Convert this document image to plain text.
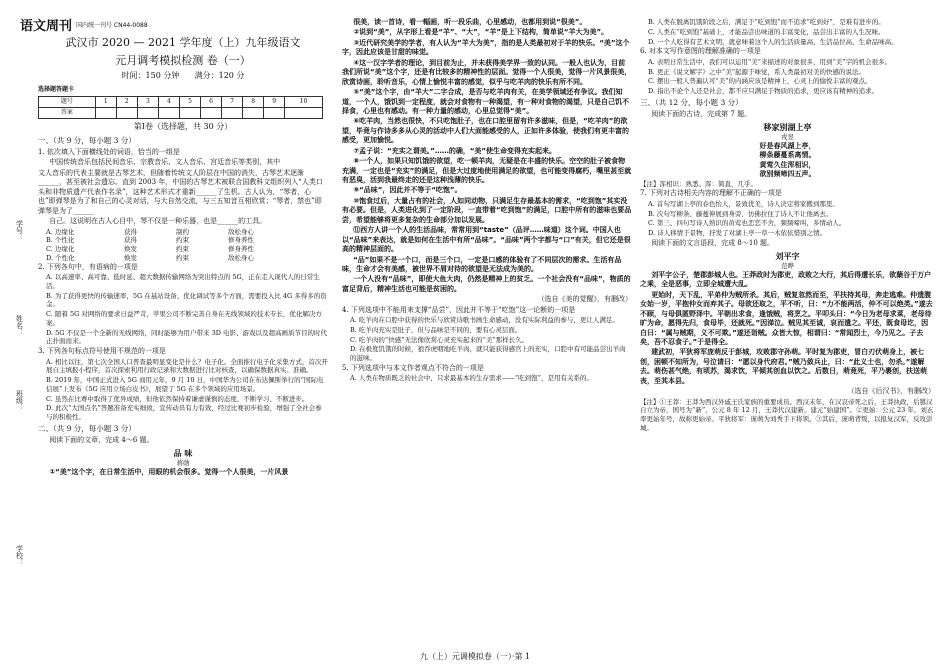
语文周刊 国内统一刊号 CN44-0088
学号：
姓名：
班级：
学校：
武汉市 2020 — 2021 学年度（上）九年级语文
元月调考模拟检测 卷（一）
时间：150 分钟 满分：120 分
选择题答题卡
题号	1	2	3	4	5	6	7	8	9	10
答案										
第Ⅰ卷（选择题，共 30 分）

一、（共 9 分，每小题 3 分）

1. 依次填入下面横线处的词语，恰当的一组是

中国传统音乐包括民间音乐、宗教音乐、文人音乐、宫廷音乐等类别，其中

文人音乐的代表主要就是古琴艺术，但随着传统文人阶层在中国的消失，古琴艺术逐渐______，甚至被社会遗忘。直到 2003 年，中国的古琴艺术被联合国教科文组织列入“人类口头和非物质遗产代表作名录”，这种艺术形式才重新______了生机。古人认为，“琴者，心也”即弹琴是为了和自己的心灵对话，与大自然交流，与三五知音互相欣赏；“琴者，禁也”即弹琴是为了______

自己。这说明在古人心目中，琴不仅是一种乐器，也是______的工具。

A. 边缘化	获得	制约	敌松身心
B. 个性化	获得	约束	修身养性
C. 边缘化	焕发	约束	修身养性
D. 个性化	焕发	约束	敌松身心

2. 下列各句中，有语病的一项是

A. 以高速率、高可靠、低时延、超大数据传输网络为突出特点的 5G，正在走入现代人的日常生活。

B. 为了获得更快的传输速率，5G 在基站设备、优化调试等多个方面，需要投入比 4G 多得多的资金。

C. 随着 5G 对网络的要求日益严苛，苹果公司不断完善自身在无线领域的技术专长，优化解决方案。

D. 5G 不仅是一个全新的无线网络，同时能够为用户带来 3D 电影、游戏以及超高画质节目的时代正扑面而来。

3. 下列各句标点符号使用不规范的一项是

A. 相比以往，第七次全国人口普查最明显变化是什么？电子化。全面推行电子化采集方式，首次开展自主填报小程序，首次探索利用行政记录和大数据进行比对核查，以确保数据真实、准确。

B. 2019 年，中国正式进入 5G 商用元年，9 月 10 日，中国华为公司在布达佩斯举行的“国际电信展”上发布《5G 应用立场白皮书》，展望了 5G 在多个领域的应用场景。

C. 虽然在比赛中取得了优异成绩，但他依然保持着谦虚谨慎的态度，不断学习、不断进步。

D. 此次“大国点名”答题准备充实细致，宣传动员有力有效，经过比赛初步检验，增强了全社会参与的积极性。

二、（共 9 分，每小题 3 分）

阅读下面的文章，完成 4～6 题。

品 味
蒋勋

①“美”这个字，在日常生活中，用眼的机会很多。觉得一个人很美，一片风景

很美，读一首诗，看一幅画，听一段乐曲，心里感动，也都用到说“很美”。

②说到“美”，从字形上看是“羊”、“大”，“羊”是上下结构，简单说“羊大为美”。

③近代研究美学的学者，有人认为“羊大为美”，指的是人类最初对于羊的快乐。“美”这个字，因此应该是甘甜的味觉。

④这一汉字学者的理论，到目前为止，并未获得美学界一致的认同。一般人也认为，目前我们所说“美”这个字，还是有比较多的精神性的层面。觉得一个人很美，觉得一片风景很美，欣赏诗画，聆听音乐，心情上愉悦丰富的感觉，似乎与吃羊肉的快乐有所不同。

⑤“美”这个字，由“羊大”二字合成，是否与吃羊肉有关，在美学领域还有争议。我们知道，一个人，饿饥到一定程度，就会对食物有一种渴望，有一种对食物的渴望，只是自己饥不择食，心里也有感动。有一种力量的感动，心里总觉得“美”。

⑥吃羊肉，当然也很快，不只吃饱肚子，也在口腔里留有许多滋味，但是，“吃羊肉”的欲望，毕竟与作诗多多从心灵的活动中人们大面能感受的人，正如许多体验，使我们有更丰富的感受，更加愉悦。

⑦孟子说：“充实之谓美。”……的确，“美”使生命变得充实起来。

⑧一个人，如果只知饥饿的欲望，吃一顿羊肉，无疑是在丰盛的快乐。空空的肚子被食物充满，一定也是“充实”的满足，但是大过度地使用满足的欲望，也可能变得腐朽，嘴里甚至就有恶臭，活到我最终走的还是这种浅薄的快乐。

⑨“品味”，因此并不等于“吃饱”。

⑩饱食过后，大量占有的社会，人如同动物，只满足生存最基本的需求，“吃到饱”其实没有必要。但是，人类进化到了一定阶段，一直带着“吃到饱”的满足，口腔中所有的滋味也要品尝，希望能够将更多复杂的生命部分加以发展。

⑪西方人讲一个人的生活品味，常常用到“taste”（品评……味道）这个词。中国人也以“品味”来表达，就是如何在生活中有所“品味”。“品味”两个字都与“口”有关，但它还是很高的精神层面的。

“品”如果不是一个口，而是三个口，一定是口感的体验有了不同层次的需求。生活有品味，生命才会有美感，被世界不屑对待的欲望是无法成为美的。

一个人没有“品味”，即使大鱼大肉，仍然是精神上的贫乏。一个社会没有“品味”，物质的富足背后，精神生活也可能是贫困的。

（选自《美的觉醒》，有删改）

4. 下列选项中不能用来支撑“品尝”，因此并不等于“吃饱”这一论断的一项是

A. 吃羊肉在口腔中获得的快乐与欣赏诗歌书画生命感动，没有实际利益的参与，更让人满足。

B. 吃羊肉充实是肚子，但与品味是不同的，要有心灵层面。

C. 吃羊肉的“快感”无法像欣赏心灵充实起来的“美”那样长久。

D. 在极度饥饿的时候，狼吞虎咽地吃羊肉，就只能获得感官上的充实，口腔中有可能品尝出羊肉的滋味。

5. 下列选项中与本文作者观点不符合的一项是

A. 人类在物质既乏的社会中，只求最基本的生存需求——“吃到饱”，是用有关系的。

B. 人类在脱离饥饿阶段之后，满足于“吃到饱”而不追求“吃到好”，是难有进步的。

C. 人类在“吃到饱”基础上，才能品尝出味道的丰富变化，品尝出丰富的人生况味。

D. 一个人吃得有艺术文明，就意味着这个人的生活质量高，生活品位高，生命品味高。

6. 对本文写作意图的理解准确的一项是

A. 表明日常生活中，我们可以运用“美”来描述的对象很多，用到“美”字的机会很多。

B. 更正《说文解字》之中“美”起源于味觉，系人类最初对美的快感的说法。

C. 摆出一般人普遍认可“美”的内涵应该是精神上，心灵上的愉悦丰富的观点。

D. 指出不论个人还是社会，都不应只满足于物质的追求，更应该有精神的追求。

三、（共 12 分，每小题 3 分）

阅读下面的古诗，完成第 7 题。

移家别湖上亭
戎昱
好是春风湖上亭，
柳条藤蔓系离情。
黄莺久住浑相识，
欲别频啼四五声。

【注】浑相识：熟悉。浑：简直，几乎。

7. 下列对古诗相关内容的理解不正确的一项是

A. 首句写湖上亭的春色怡人，景致优美，诗人决定将家搬到那里。

B. 次句写柳条、藤蔓伸展到身旁，仿佛拉住了诗人不让他离去。

C. 第三、四句写诗人熟识的黄莺也恋恋不舍，频频啼叫，多情动人。

D. 诗人移情于景物，抒发了对湖上亭一草一木依依惜别之情。

阅读下面的文言语段，完成 8～10 题。

刘平字
范晔

刘平字公子，楚郡彭城人也。王莽政时为郡吏，政败之大行，其后得遭长乐，欲蘖谷于万户之乘，全是恶事，立即全城遭大乱。

更始时，天下乱，平弟仲为贼所杀。其后，贼复忽然而至，平扶持其母，奔走逃难。仲遗腹女始一岁，平抱仲女而弃其子。母欲还取之，平不听，曰：“力不能两活，仲不可以绝类。”遂去不顾，与母俱匿野泽中。平朝出求食，逢饿贼，将烹之。平叩头曰：“今日为老母求菜，老母待旷为命，愿得先归，食母毕，还就死。”因涕泣。贼见其至诚，哀而遣之。平还，既食母讫，因白曰：“属与贼期，义不可欺。”遂还诣贼。众皆大惊，相谓曰：“常闻烈士，今乃见之。子去矣，吾不忍食子。”于是得全。

建武初，平狄将军庞萌反于彭城，攻败郡守孙萌。平时复为郡吏，冒白刃伏萌身上，被七创，困顿不知所为，号泣请曰：“愿以身代府君。”贼乃敛兵止，曰：“此义士也，勿杀。”遂解去。萌伤甚气绝，有顷苏，渴求饮，平倾其创血以饮之。后数日，萌竟死，平乃裹创，扶送萌丧，至其本县。

（选自《后汉书》，有删改）

【注】①王莽：王莽为西汉外戚王氏家族的重要成员。西汉末年，在汉哀帝死之后，王莽执政，后篡汉自立为帝，国号为“新”，公元 8 年 12 月，王莽代汉建新，建元“始建国”。②更始：公元 23 年，刘玄率更始年号，故称更始帝。平狄将军：庞萌为刘秀手下将领。③其后，庞萌背叛，以报复汉军，反攻彭城。

九（上）元调模拟卷（一）·第 1
